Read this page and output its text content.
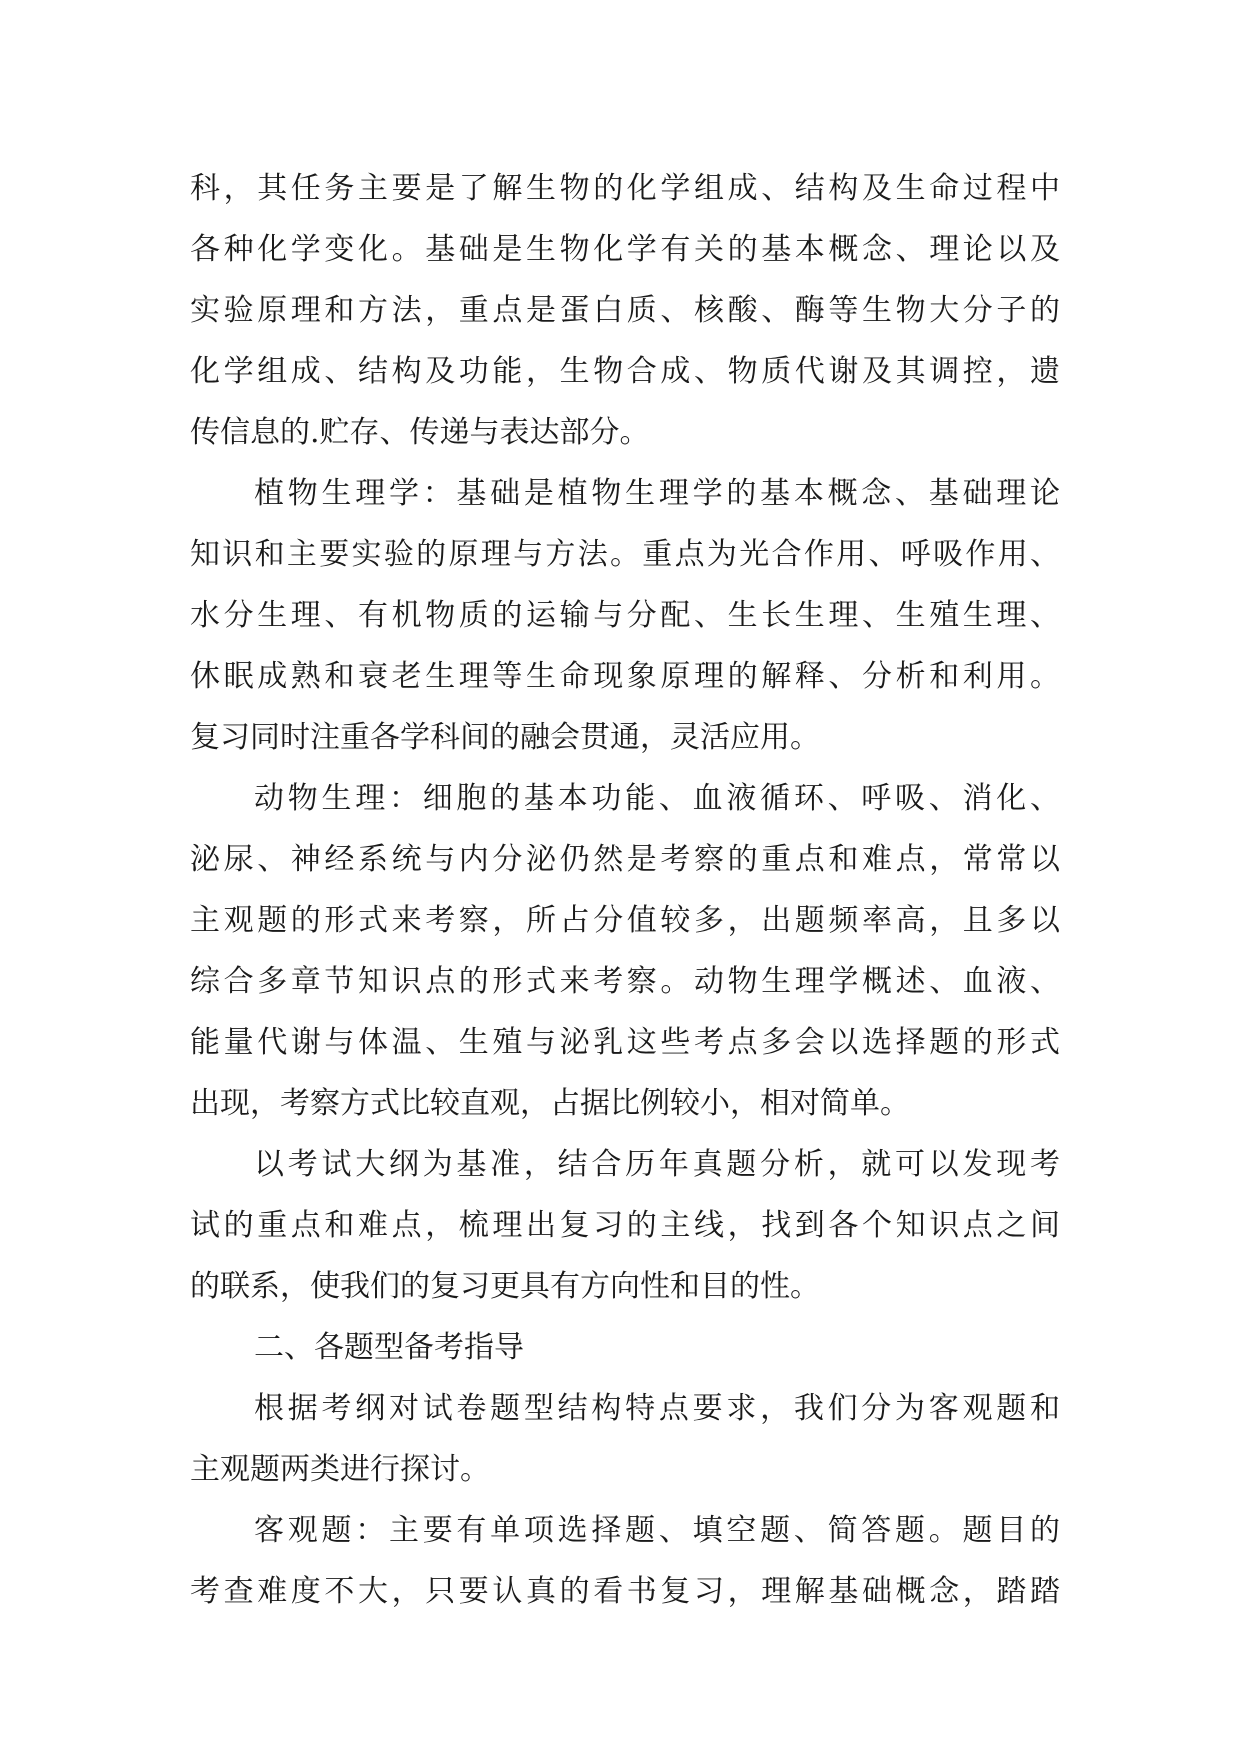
科，其任务主要是了解生物的化学组成、结构及生命过程中
各种化学变化。基础是生物化学有关的基本概念、理论以及
实验原理和方法，重点是蛋白质、核酸、酶等生物大分子的
化学组成、结构及功能，生物合成、物质代谢及其调控，遗
传信息的.贮存、传递与表达部分。
植物生理学：基础是植物生理学的基本概念、基础理论
知识和主要实验的原理与方法。重点为光合作用、呼吸作用、
水分生理、有机物质的运输与分配、生长生理、生殖生理、
休眠成熟和衰老生理等生命现象原理的解释、分析和利用。
复习同时注重各学科间的融会贯通，灵活应用。
动物生理：细胞的基本功能、血液循环、呼吸、消化、
泌尿、神经系统与内分泌仍然是考察的重点和难点，常常以
主观题的形式来考察，所占分值较多，出题频率高，且多以
综合多章节知识点的形式来考察。动物生理学概述、血液、
能量代谢与体温、生殖与泌乳这些考点多会以选择题的形式
出现，考察方式比较直观，占据比例较小，相对简单。
以考试大纲为基准，结合历年真题分析，就可以发现考
试的重点和难点，梳理出复习的主线，找到各个知识点之间
的联系，使我们的复习更具有方向性和目的性。
二、各题型备考指导
根据考纲对试卷题型结构特点要求，我们分为客观题和
主观题两类进行探讨。
客观题：主要有单项选择题、填空题、简答题。题目的
考查难度不大，只要认真的看书复习，理解基础概念，踏踏
